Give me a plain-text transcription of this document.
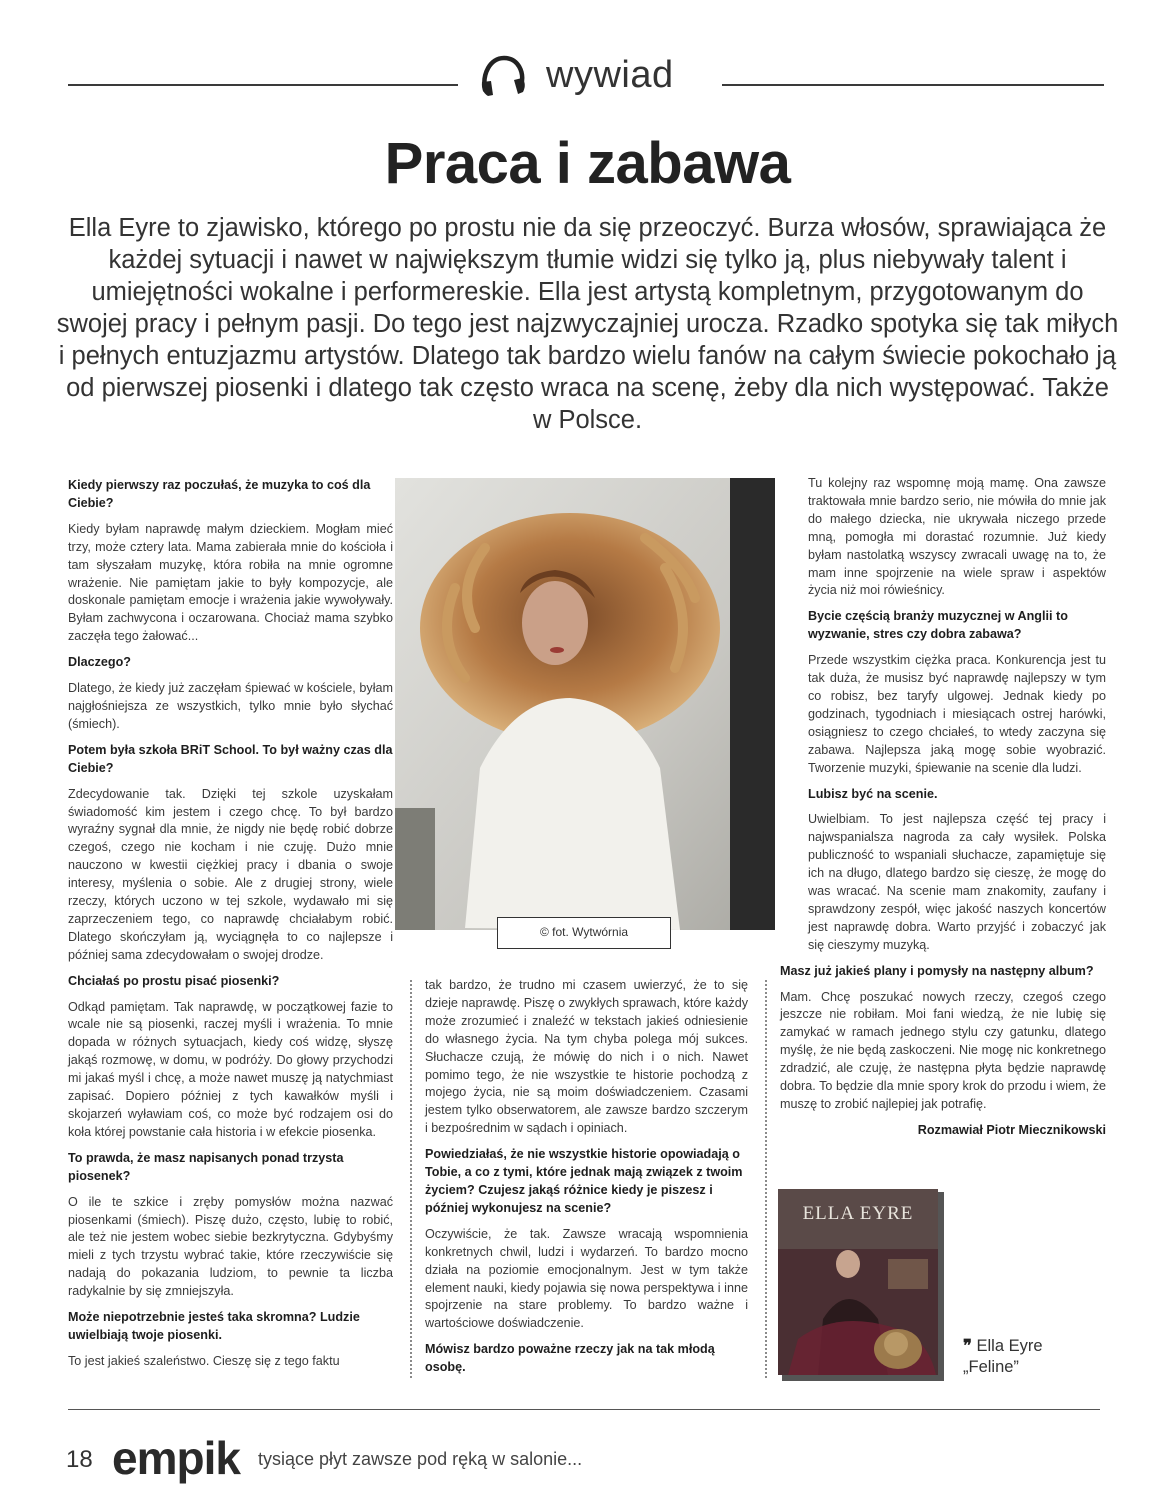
wywiad
Praca i zabawa
Ella Eyre to zjawisko, którego po prostu nie da się przeoczyć. Burza włosów, sprawiająca że każdej sytuacji i nawet w największym tłumie widzi się tylko ją, plus niebywały talent i umiejętności wokalne i performereskie. Ella jest artystą kompletnym, przygotowanym do swojej pracy i pełnym pasji. Do tego jest najzwyczajniej urocza. Rzadko spotyka się tak miłych i pełnych entuzjazmu artystów. Dlatego tak bardzo wielu fanów na całym świecie pokochało ją od pierwszej piosenki i dlatego tak często wraca na scenę, żeby dla nich występować. Także w Polsce.

Kiedy pierwszy raz poczułaś, że muzyka to coś dla Ciebie?

Kiedy byłam naprawdę małym dzieckiem. Mogłam mieć trzy, może cztery lata. Mama zabierała mnie do kościoła i tam słyszałam muzykę, która robiła na mnie ogromne wrażenie. Nie pamiętam jakie to były kompozycje, ale doskonale pamiętam emocje i wrażenia jakie wywoływały. Byłam zachwycona i oczarowana. Chociaż mama szybko zaczęła tego żałować...

Dlaczego?

Dlatego, że kiedy już zaczęłam śpiewać w kościele, byłam najgłośniejsza ze wszystkich, tylko mnie było słychać (śmiech).

Potem była szkoła BRiT School. To był ważny czas dla Ciebie?

Zdecydowanie tak. Dzięki tej szkole uzyskałam świadomość kim jestem i czego chcę. To był bardzo wyraźny sygnał dla mnie, że nigdy nie będę robić dobrze czegoś, czego nie kocham i nie czuję. Dużo mnie nauczono w kwestii ciężkiej pracy i dbania o swoje interesy, myślenia o sobie. Ale z drugiej strony, wiele rzeczy, których uczono w tej szkole, wydawało mi się zaprzeczeniem tego, co naprawdę chciałabym robić. Dlatego skończyłam ją, wyciągnęła to co najlepsze i później sama zdecydowałam o swojej drodze.

Chciałaś po prostu pisać piosenki?

Odkąd pamiętam. Tak naprawdę, w początkowej fazie to wcale nie są piosenki, raczej myśli i wrażenia. To mnie dopada w różnych sytuacjach, kiedy coś widzę, słyszę jakąś rozmowę, w domu, w podróży. Do głowy przychodzi mi jakaś myśl i chcę, a może nawet muszę ją natychmiast zapisać. Dopiero później z tych kawałków myśli i skojarzeń wyławiam coś, co może być rodzajem osi do koła której powstanie cała historia i w efekcie piosenka.

To prawda, że masz napisanych ponad trzysta piosenek?

O ile te szkice i zręby pomysłów można nazwać piosenkami (śmiech). Piszę dużo, często, lubię to robić, ale też nie jestem wobec siebie bezkrytyczna. Gdybyśmy mieli z tych trzystu wybrać takie, które rzeczywiście się nadają do pokazania ludziom, to pewnie ta liczba radykalnie by się zmniejszyła.

Może niepotrzebnie jesteś taka skromna? Ludzie uwielbiają twoje piosenki.

To jest jakieś szaleństwo. Cieszę się z tego faktu

© fot. Wytwórnia

tak bardzo, że trudno mi czasem uwierzyć, że to się dzieje naprawdę. Piszę o zwykłych sprawach, które każdy może zrozumieć i znaleźć w tekstach jakieś odniesienie do własnego życia. Na tym chyba polega mój sukces. Słuchacze czują, że mówię do nich i o nich. Nawet pomimo tego, że nie wszystkie te historie pochodzą z mojego życia, nie są moim doświadczeniem. Czasami jestem tylko obserwatorem, ale zawsze bardzo szczerym i bezpośrednim w sądach i opiniach.

Powiedziałaś, że nie wszystkie historie opowiadają o Tobie, a co z tymi, które jednak mają związek z twoim życiem? Czujesz jakąś różnice kiedy je piszesz i później wykonujesz na scenie?

Oczywiście, że tak. Zawsze wracają wspomnienia konkretnych chwil, ludzi i wydarzeń. To bardzo mocno działa na poziomie emocjonalnym. Jest w tym także element nauki, kiedy pojawia się nowa perspektywa i inne spojrzenie na stare problemy. To bardzo ważne i wartościowe doświadczenie.

Mówisz bardzo poważne rzeczy jak na tak młodą osobę.

Tu kolejny raz wspomnę moją mamę. Ona zawsze traktowała mnie bardzo serio, nie mówiła do mnie jak do małego dziecka, nie ukrywała niczego przede mną, pomogła mi dorastać rozumnie. Już kiedy byłam nastolatką wszyscy zwracali uwagę na to, że mam inne spojrzenie na wiele spraw i aspektów życia niż moi rówieśnicy.

Bycie częścią branży muzycznej w Anglii to wyzwanie, stres czy dobra zabawa?

Przede wszystkim ciężka praca. Konkurencja jest tu tak duża, że musisz być naprawdę najlepszy w tym co robisz, bez taryfy ulgowej. Jednak kiedy po godzinach, tygodniach i miesiącach ostrej harówki, osiągniesz to czego chciałeś, to wtedy zaczyna się zabawa. Najlepsza jaką mogę sobie wyobrazić. Tworzenie muzyki, śpiewanie na scenie dla ludzi.

Lubisz być na scenie.

Uwielbiam. To jest najlepsza część tej pracy i najwspanialsza nagroda za cały wysiłek. Polska publiczność to wspaniali słuchacze, zapamiętuje się ich na długo, dlatego bardzo się cieszę, że mogę do was wracać. Na scenie mam znakomity, zaufany i sprawdzony zespół, więc jakość naszych koncertów jest naprawdę dobra. Warto przyjść i zobaczyć jak się cieszymy muzyką.

Masz już jakieś plany i pomysły na następny album?

Mam. Chcę poszukać nowych rzeczy, czegoś czego jeszcze nie robiłam. Moi fani wiedzą, że nie lubię się zamykać w ramach jednego stylu czy gatunku, dlatego myślę, że nie będą zaskoczeni. Nie mogę nic konkretnego zdradzić, ale czuję, że następna płyta będzie naprawdę dobra. To będzie dla mnie spory krok do przodu i wiem, że muszę to zrobić najlepiej jak potrafię.

Rozmawiał Piotr Miecznikowski

ELLA EYRE
❞ Ella Eyre
„Feline”
18 empik tysiące płyt zawsze pod ręką w salonie...
